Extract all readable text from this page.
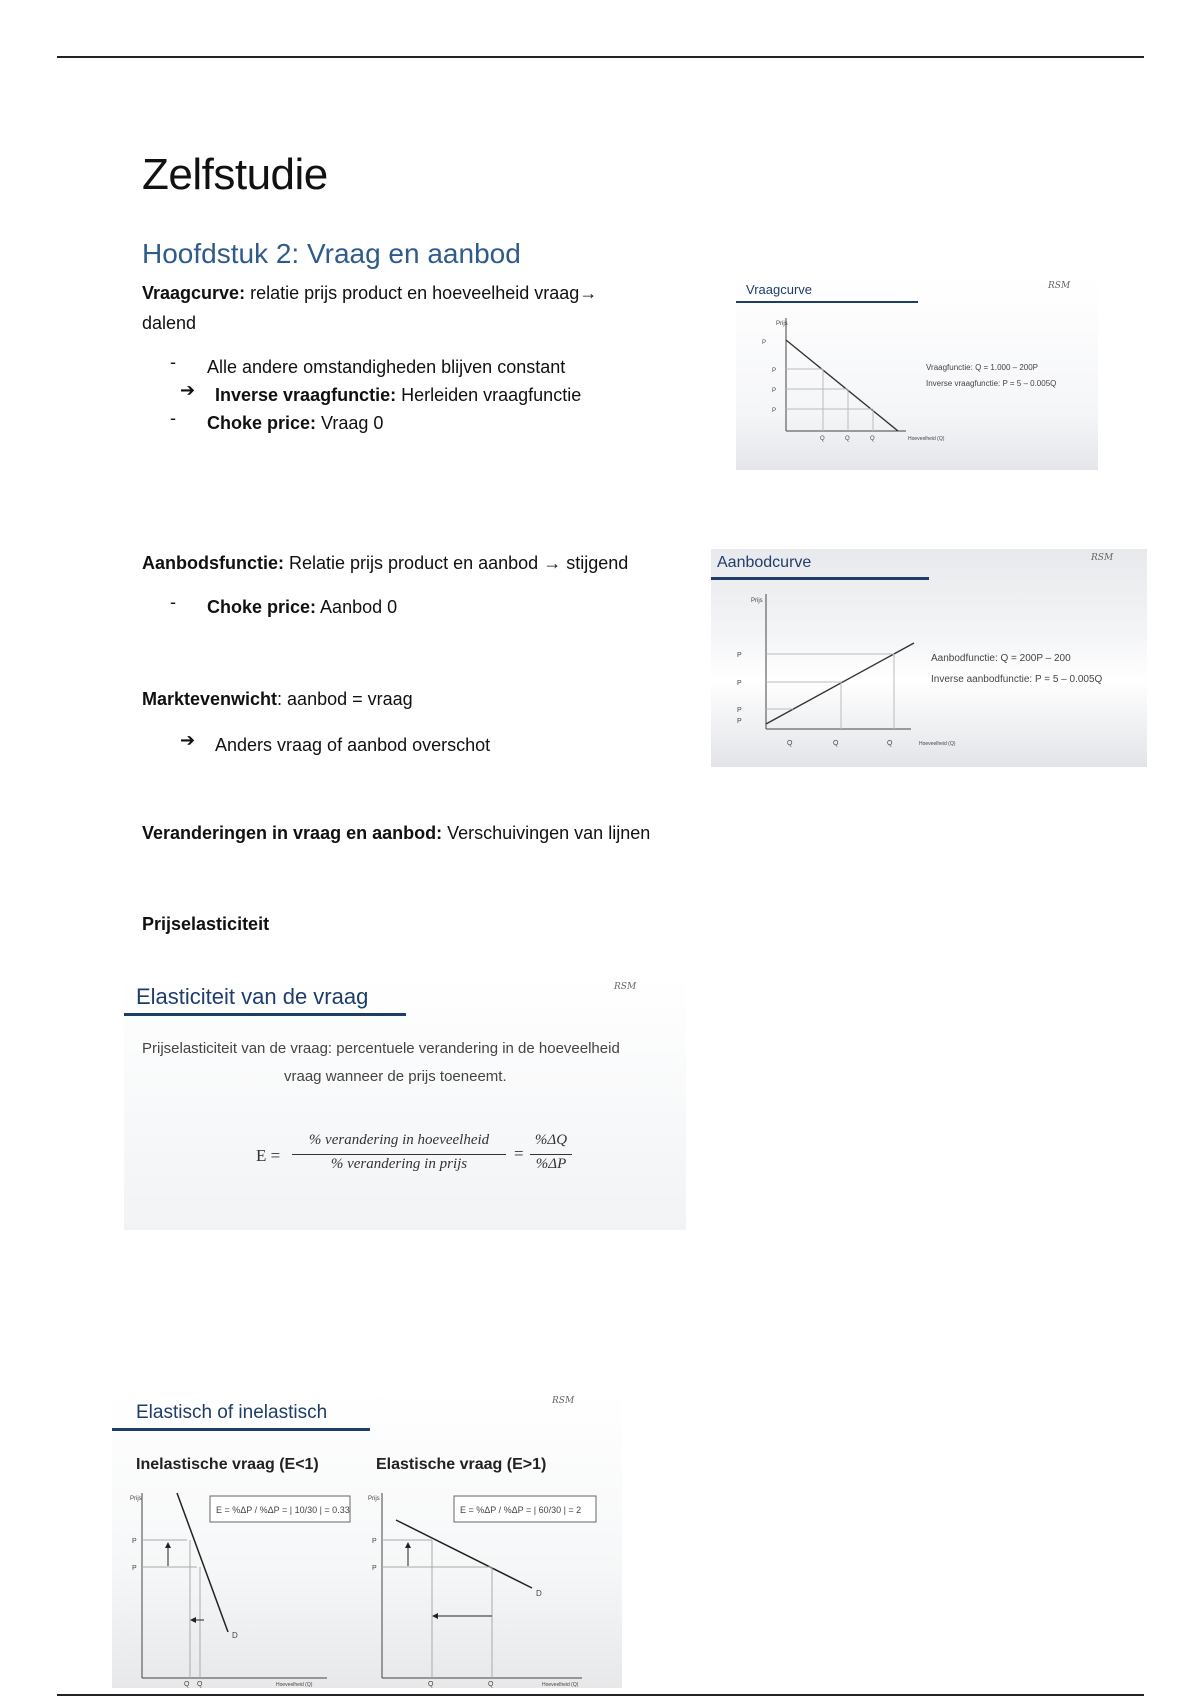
Zelfstudie
Hoofdstuk 2: Vraag en aanbod
Vraagcurve: relatie prijs product en hoeveelheid vraag→
dalend
- Alle andere omstandigheden blijven constant
➔ Inverse vraagfunctie: Herleiden vraagfunctie
- Choke price: Vraag 0
Vraagcurve	RSM
Prijs
P
P
P
P
Q	Q	Q	Hoeveelheid (Q)
Vraagfunctie: Q = 1.000 – 200P
Inverse vraagfunctie: P = 5 – 0.005Q
Aanbodsfunctie: Relatie prijs product en aanbod → stijgend
- Choke price: Aanbod 0
Aanbodcurve	RSM
Prijs
P
P
P
P
Q	Q	Q	Hoeveelheid (Q)
Aanbodfunctie: Q = 200P – 200
Inverse aanbodfunctie: P = 5 – 0.005Q
Marktevenwicht: aanbod = vraag
➔ Anders vraag of aanbod overschot
Veranderingen in vraag en aanbod: Verschuivingen van lijnen
Prijselasticiteit
Elasticiteit van de vraag	RSM
Prijselasticiteit van de vraag: percentuele verandering in de hoeveelheid
vraag wanneer de prijs toeneemt.
E =
% verandering in hoeveelheid
% verandering in prijs
=
%ΔQ
%ΔP
Elastisch of inelastisch
RSM
Inelastische vraag (E<1)	Elastische vraag (E>1)
E = %ΔP / %ΔP = | 10/30 | = 0.33
Prijs
P
P
Q Q
D
Hoeveelheid (Q)
E = %ΔP / %ΔP = | 60/30 | = 2
Prijs
P
P
Q	Q
D
Hoeveelheid (Q)
